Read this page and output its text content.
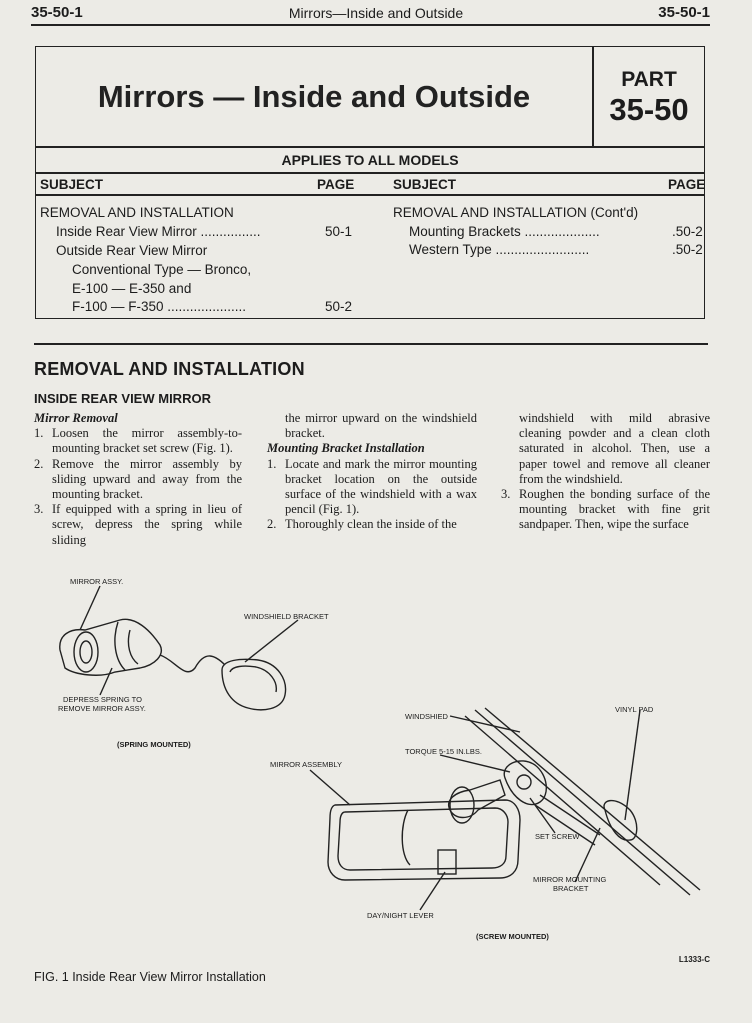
35-50-1	Mirrors—Inside and Outside	35-50-1
Mirrors — Inside and Outside	PART
35-50
APPLIES TO ALL MODELS
SUBJECT	PAGE	SUBJECT	PAGE
REMOVAL AND INSTALLATION
Inside Rear View Mirror ................	50-1
Outside Rear View Mirror
Conventional Type — Bronco,
E-100 — E-350 and
F-100 — F-350 .....................	50-2
REMOVAL AND INSTALLATION (Cont'd)
Mounting Brackets ....................	.50-2
Western Type .........................	.50-2
REMOVAL AND INSTALLATION
INSIDE REAR VIEW MIRROR
Mirror Removal
1. Loosen the mirror assembly-to-mounting bracket set screw (Fig. 1).
2. Remove the mirror assembly by sliding upward and away from the mounting bracket.
3. If equipped with a spring in lieu of screw, depress the spring while sliding
the mirror upward on the windshield bracket.
Mounting Bracket Installation
1. Locate and mark the mirror mounting bracket location on the outside surface of the windshield with a wax pencil (Fig. 1).
2. Thoroughly clean the inside of the
windshield with mild abrasive cleaning powder and a clean cloth saturated in alcohol. Then, use a paper towel and remove all cleaner from the windshield.
3. Roughen the bonding surface of the mounting bracket with fine grit sandpaper. Then, wipe the surface
MIRROR ASSY.
WINDSHIELD BRACKET
DEPRESS SPRING TO
REMOVE MIRROR ASSY.
(SPRING MOUNTED)
WINDSHIED
VINYL PAD
TORQUE 5-15 IN.LBS.
MIRROR ASSEMBLY
SET SCREW
MIRROR MOUNTING
BRACKET
DAY/NIGHT LEVER
(SCREW MOUNTED)
L1333-C
FIG. 1 Inside Rear View Mirror Installation
